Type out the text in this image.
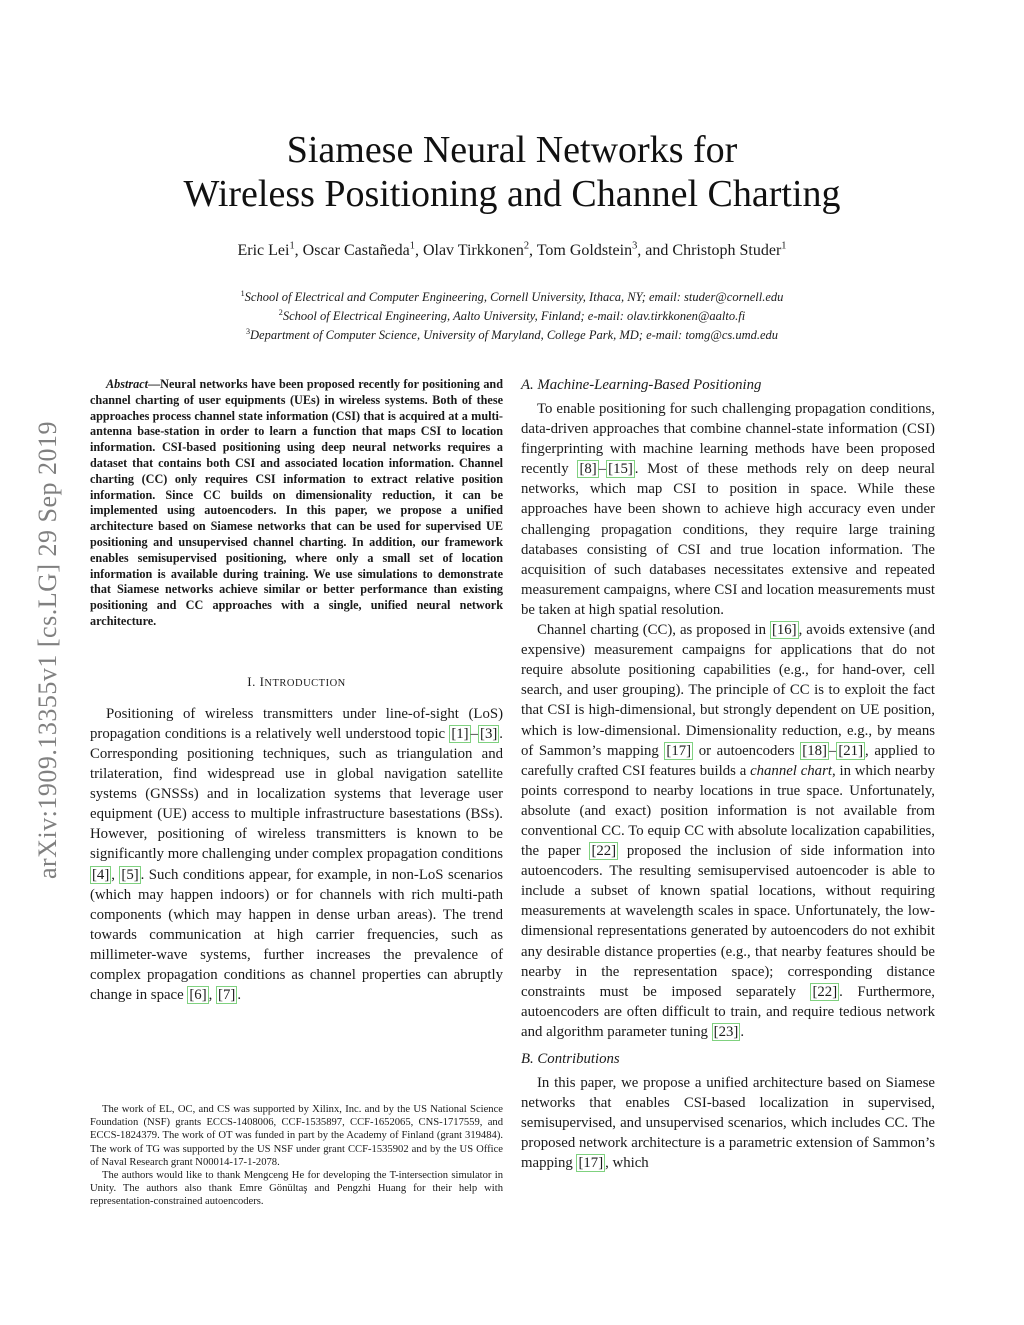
arXiv:1909.13355v1 [cs.LG] 29 Sep 2019
Siamese Neural Networks for
Wireless Positioning and Channel Charting
Eric Lei$^1$, Oscar Castañeda$^1$, Olav Tirkkonen$^2$, Tom Goldstein$^3$, and Christoph Studer$^1$
$^1$School of Electrical and Computer Engineering, Cornell University, Ithaca, NY; email: studer@cornell.edu
$^2$School of Electrical Engineering, Aalto University, Finland; e-mail: olav.tirkkonen@aalto.fi
$^3$Department of Computer Science, University of Maryland, College Park, MD; e-mail: tomg@cs.umd.edu

Abstract—Neural networks have been proposed recently for positioning and channel charting of user equipments (UEs) in wireless systems. Both of these approaches process channel state information (CSI) that is acquired at a multi-antenna base-station in order to learn a function that maps CSI to location information. CSI-based positioning using deep neural networks requires a dataset that contains both CSI and associated location information. Channel charting (CC) only requires CSI information to extract relative position information. Since CC builds on dimensionality reduction, it can be implemented using autoencoders. In this paper, we propose a unified architecture based on Siamese networks that can be used for supervised UE positioning and unsupervised channel charting. In addition, our framework enables semisupervised positioning, where only a small set of location information is available during training. We use simulations to demonstrate that Siamese networks achieve similar or better performance than existing positioning and CC approaches with a single, unified neural network architecture.

I. INTRODUCTION

Positioning of wireless transmitters under line-of-sight (LoS) propagation conditions is a relatively well understood topic [1] – [3] . Corresponding positioning techniques, such as triangulation and trilateration, find widespread use in global navigation satellite systems (GNSSs) and in localization systems that leverage user equipment (UE) access to multiple infrastructure basestations (BSs). However, positioning of wireless transmitters is known to be significantly more challenging under complex propagation conditions [4] , [5] . Such conditions appear, for example, in non-LoS scenarios (which may happen indoors) or for channels with rich multi-path components (which may happen in dense urban areas). The trend towards communication at high carrier frequencies, such as millimeter-wave systems, further increases the prevalence of complex propagation conditions as channel properties can abruptly change in space [6] , [7] .

The work of EL, OC, and CS was supported by Xilinx, Inc. and by the US National Science Foundation (NSF) grants ECCS-1408006, CCF-1535897, CCF-1652065, CNS-1717559, and ECCS-1824379. The work of OT was funded in part by the Academy of Finland (grant 319484). The work of TG was supported by the US NSF under grant CCF-1535902 and by the US Office of Naval Research grant N00014-17-1-2078.

The authors would like to thank Mengceng He for developing the T-intersection simulator in Unity. The authors also thank Emre Gönültaş and Pengzhi Huang for their help with representation-constrained autoencoders.

A. Machine-Learning-Based Positioning

To enable positioning for such challenging propagation conditions, data-driven approaches that combine channel-state information (CSI) fingerprinting with machine learning methods have been proposed recently [8] – [15] . Most of these methods rely on deep neural networks, which map CSI to position in space. While these approaches have been shown to achieve high accuracy even under challenging propagation conditions, they require large training databases consisting of CSI and true location information. The acquisition of such databases necessitates extensive and repeated measurement campaigns, where CSI and location measurements must be taken at high spatial resolution.

Channel charting (CC), as proposed in [16] , avoids extensive (and expensive) measurement campaigns for applications that do not require absolute positioning capabilities (e.g., for hand-over, cell search, and user grouping). The principle of CC is to exploit the fact that CSI is high-dimensional, but strongly dependent on UE position, which is low-dimensional. Dimensionality reduction, e.g., by means of Sammon’s mapping [17] or autoencoders [18] – [21] , applied to carefully crafted CSI features builds a channel chart, in which nearby points correspond to nearby locations in true space. Unfortunately, absolute (and exact) position information is not available from conventional CC. To equip CC with absolute localization capabilities, the paper [22] proposed the inclusion of side information into autoencoders. The resulting semisupervised autoencoder is able to include a subset of known spatial locations, without requiring measurements at wavelength scales in space. Unfortunately, the low-dimensional representations generated by autoencoders do not exhibit any desirable distance properties (e.g., that nearby features should be nearby in the representation space); corresponding distance constraints must be imposed separately [22] . Furthermore, autoencoders are often difficult to train, and require tedious network and algorithm parameter tuning [23] .

B. Contributions

In this paper, we propose a unified architecture based on Siamese networks that enables CSI-based localization in supervised, semisupervised, and unsupervised scenarios, which includes CC. The proposed network architecture is a parametric extension of Sammon’s mapping [17] , which
